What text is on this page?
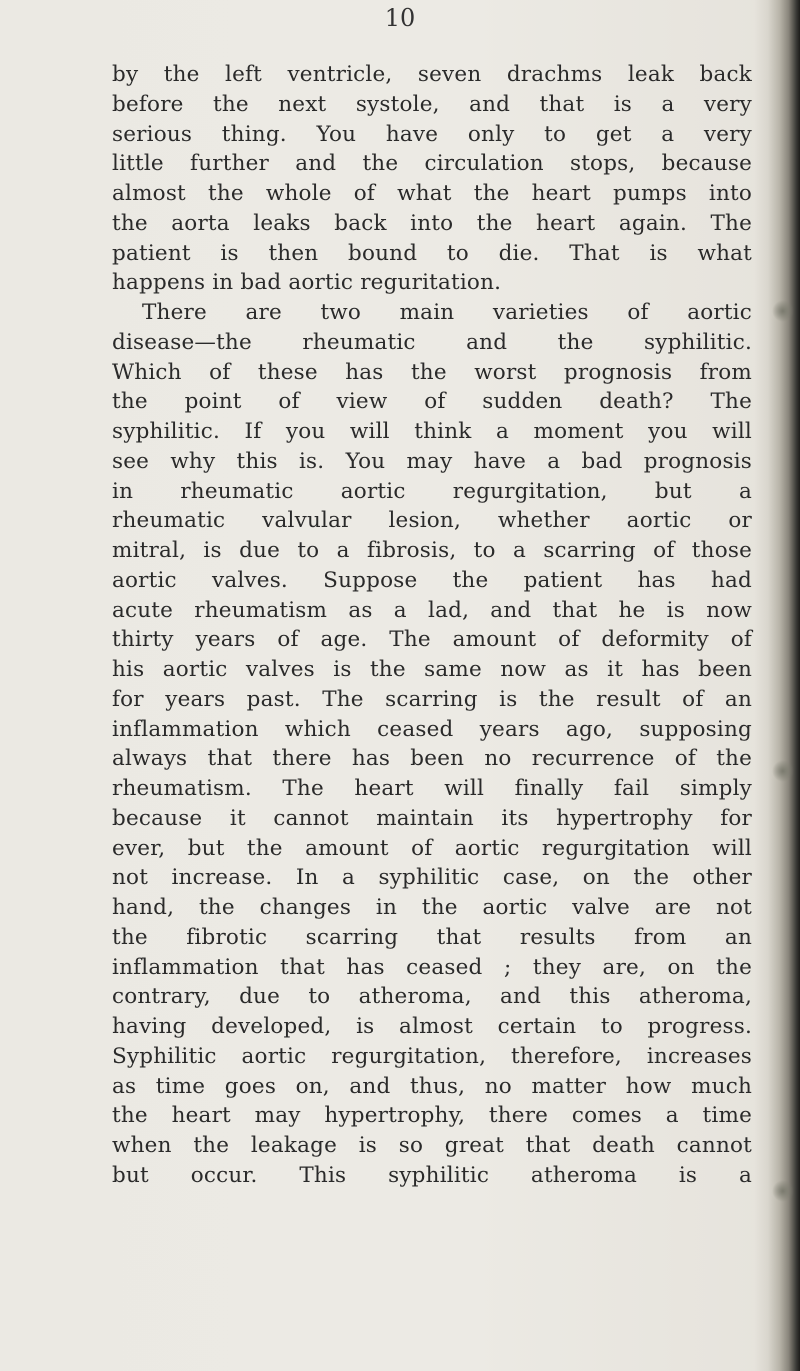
10
by the left ventricle, seven drachms leak back
before the next systole, and that is a very
serious thing. You have only to get a very
little further and the circulation stops, because
almost the whole of what the heart pumps into
the aorta leaks back into the heart again. The
patient is then bound to die. That is what
happens in bad aortic reguritation.
There are two main varieties of aortic
disease—the rheumatic and the syphilitic.
Which of these has the worst prognosis from
the point of view of sudden death? The
syphilitic. If you will think a moment you will
see why this is. You may have a bad prognosis
in rheumatic aortic regurgitation, but a
rheumatic valvular lesion, whether aortic or
mitral, is due to a fibrosis, to a scarring of those
aortic valves. Suppose the patient has had
acute rheumatism as a lad, and that he is now
thirty years of age. The amount of deformity of
his aortic valves is the same now as it has been
for years past. The scarring is the result of an
inflammation which ceased years ago, supposing
always that there has been no recurrence of the
rheumatism. The heart will finally fail simply
because it cannot maintain its hypertrophy for
ever, but the amount of aortic regurgitation will
not increase. In a syphilitic case, on the other
hand, the changes in the aortic valve are not
the fibrotic scarring that results from an
inflammation that has ceased ; they are, on the
contrary, due to atheroma, and this atheroma,
having developed, is almost certain to progress.
Syphilitic aortic regurgitation, therefore, increases
as time goes on, and thus, no matter how much
the heart may hypertrophy, there comes a time
when the leakage is so great that death cannot
but occur. This syphilitic atheroma is a
